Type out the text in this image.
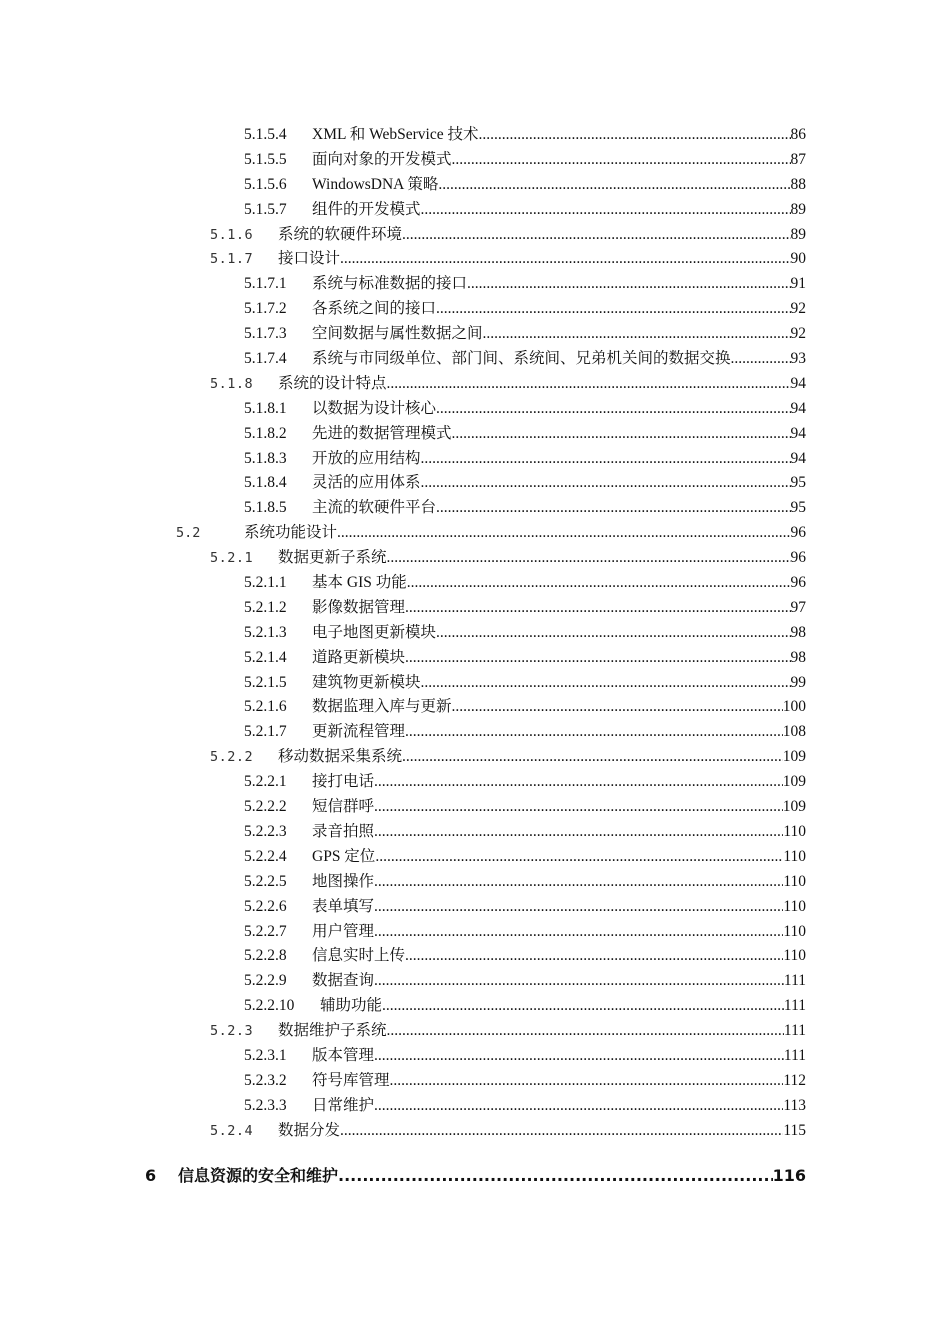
5.1.5.4	XML 和 WebService 技术 .....	86
5.1.5.5	面向对象的开发模式 .....	87
5.1.5.6	WindowsDNA 策略 .....	88
5.1.5.7	组件的开发模式 .....	89
5.1.6	系统的软硬件环境 .....	89
5.1.7	接口设计 .....	90
5.1.7.1	系统与标准数据的接口 .....	91
5.1.7.2	各系统之间的接口 .....	92
5.1.7.3	空间数据与属性数据之间 .....	92
5.1.7.4	系统与市同级单位、部门间、系统间、兄弟机关间的数据交换 .....	93
5.1.8	系统的设计特点 .....	94
5.1.8.1	以数据为设计核心 .....	94
5.1.8.2	先进的数据管理模式 .....	94
5.1.8.3	开放的应用结构 .....	94
5.1.8.4	灵活的应用体系 .....	95
5.1.8.5	主流的软硬件平台 .....	95
5.2	系统功能设计 .....	96
5.2.1	数据更新子系统 .....	96
5.2.1.1	基本 GIS 功能 .....	96
5.2.1.2	影像数据管理 .....	97
5.2.1.3	电子地图更新模块 .....	98
5.2.1.4	道路更新模块 .....	98
5.2.1.5	建筑物更新模块 .....	99
5.2.1.6	数据监理入库与更新 .....	100
5.2.1.7	更新流程管理 .....	108
5.2.2	移动数据采集系统 .....	109
5.2.2.1	接打电话 .....	109
5.2.2.2	短信群呼 .....	109
5.2.2.3	录音拍照 .....	110
5.2.2.4	GPS 定位 .....	110
5.2.2.5	地图操作 .....	110
5.2.2.6	表单填写 .....	110
5.2.2.7	用户管理 .....	110
5.2.2.8	信息实时上传 .....	110
5.2.2.9	数据查询 .....	111
5.2.2.10	辅助功能 .....	111
5.2.3	数据维护子系统 .....	111
5.2.3.1	版本管理 .....	111
5.2.3.2	符号库管理 .....	112
5.2.3.3	日常维护 .....	113
5.2.4	数据分发 .....	115
6	信息资源的安全和维护 .....	116
